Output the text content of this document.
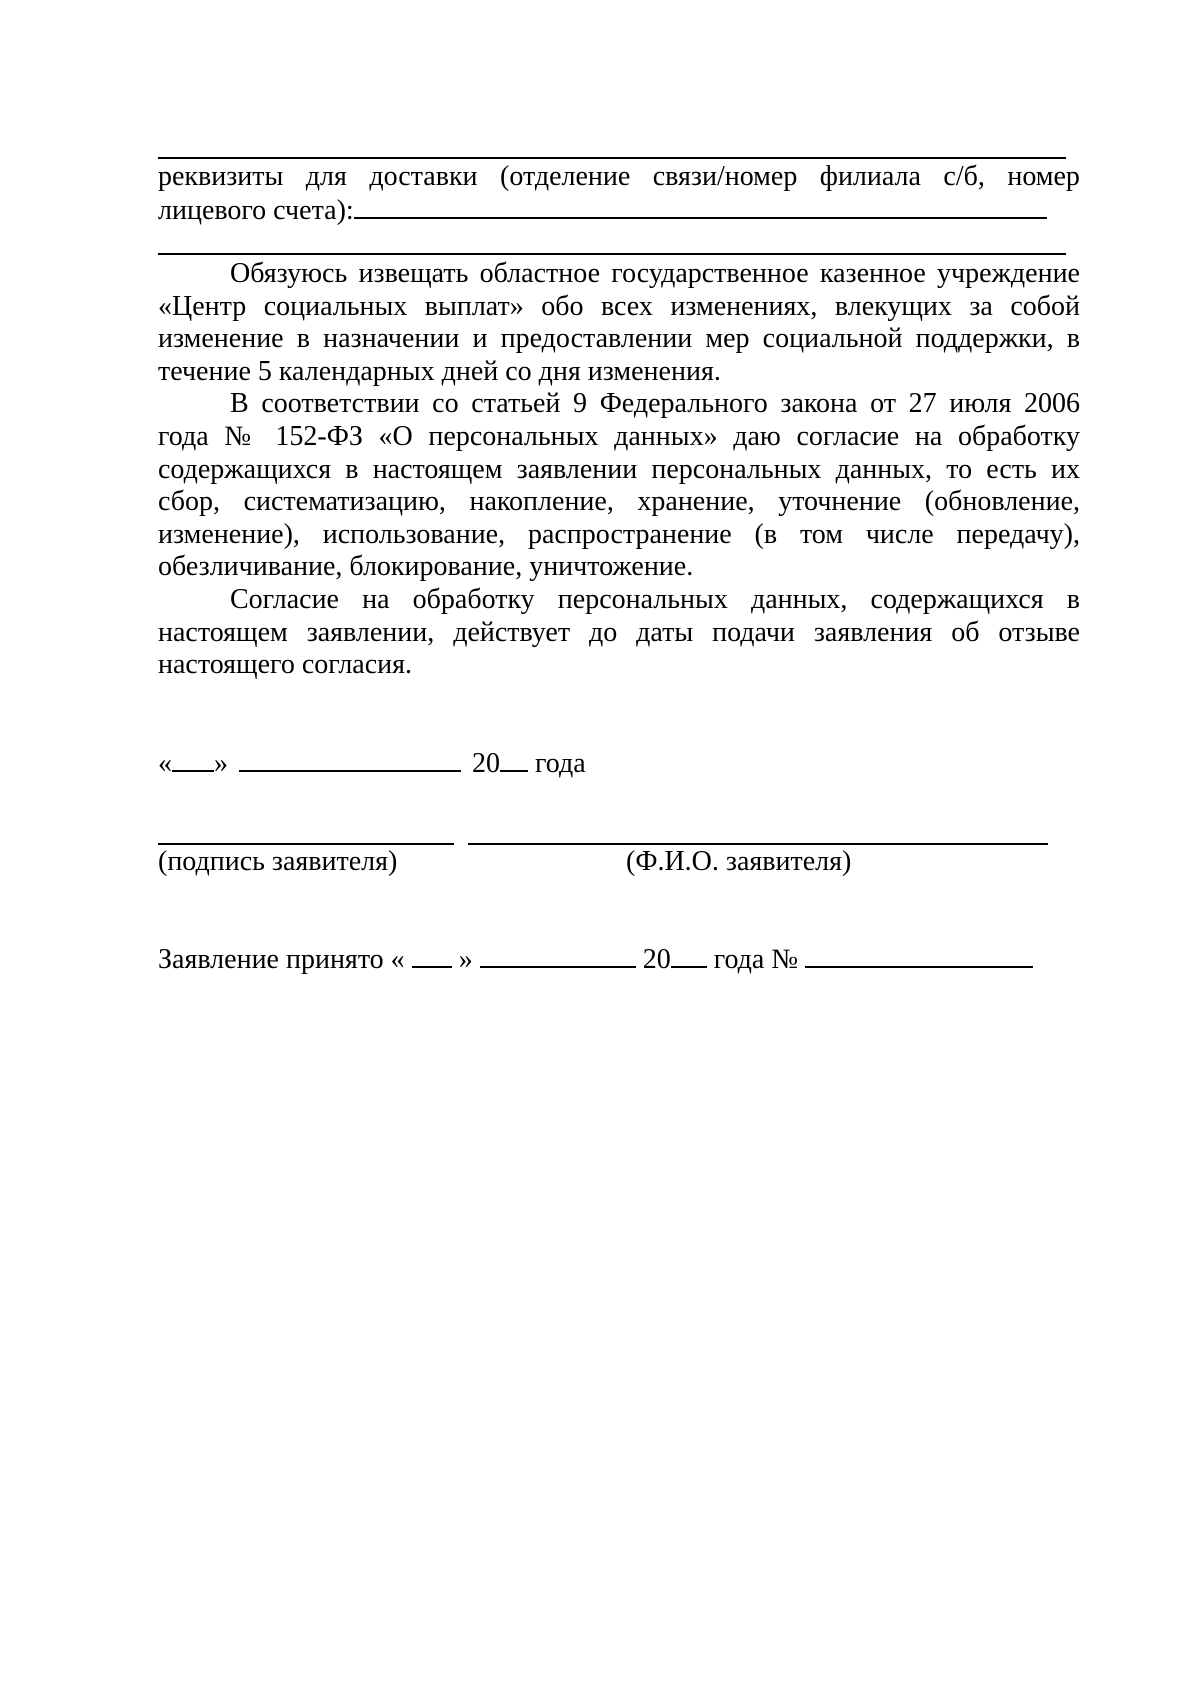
реквизиты для доставки (отделение связи/номер филиала с/б, номер
лицевого счета):

Обязуюсь извещать областное государственное казенное учреждение «Центр социальных выплат» обо всех изменениях, влекущих за собой изменение в назначении и предоставлении мер социальной поддержки, в течение 5 календарных дней со дня изменения.

В соответствии со статьей 9 Федерального закона от 27 июля 2006 года № 152-ФЗ «О персональных данных» даю согласие на обработку содержащихся в настоящем заявлении персональных данных, то есть их сбор, систематизацию, накопление, хранение, уточнение (обновление, изменение), использование, распространение (в том числе передачу), обезличивание, блокирование, уничтожение.

Согласие на обработку персональных данных, содержащихся в настоящем заявлении, действует до даты подачи заявления об отзыве настоящего согласия.

« »	20 года
(подпись заявителя)	(Ф.И.О. заявителя)
Заявление принято « »	20 года №
